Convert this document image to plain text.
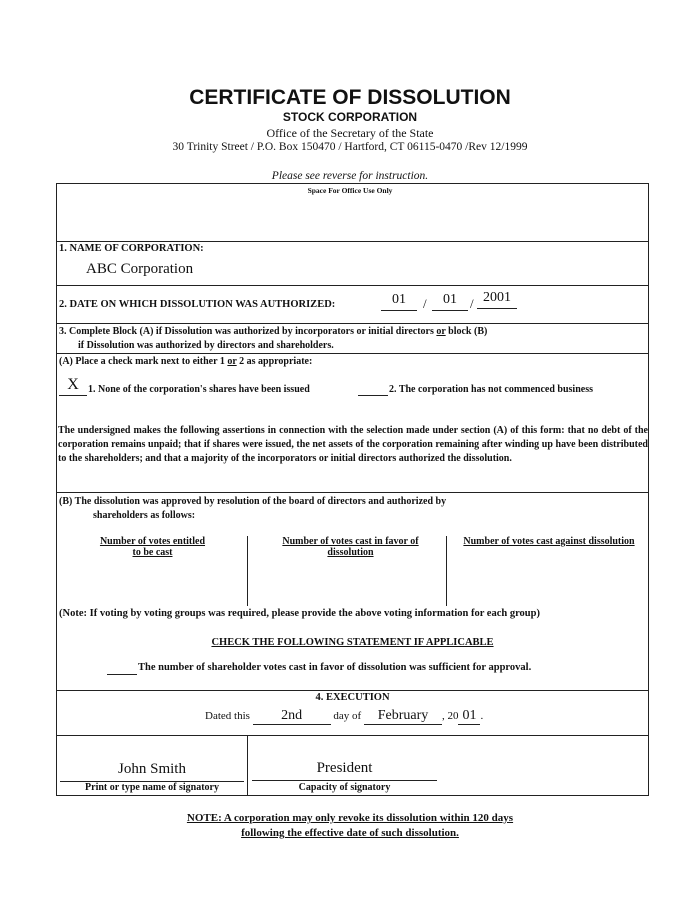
CERTIFICATE OF DISSOLUTION
STOCK CORPORATION
Office of the Secretary of the State
30 Trinity Street / P.O. Box 150470 / Hartford, CT 06115-0470 /Rev 12/1999
Please see reverse for instruction.
Space For Office Use Only
1. NAME OF CORPORATION:
ABC Corporation
2. DATE ON WHICH DISSOLUTION WAS AUTHORIZED:	01	/	01	/ 2001
3. Complete Block (A) if Dissolution was authorized by incorporators or initial directors or block (B)
if Dissolution was authorized by directors and shareholders.
(A) Place a check mark next to either 1 or 2 as appropriate:
X 1. None of the corporation's shares have been issued	2. The corporation has not commenced business
The undersigned makes the following assertions in connection with the selection made under section (A) of this form: that no debt of the corporation remains unpaid; that if shares were issued, the net assets of the corporation remaining after winding up have been distributed to the shareholders; and that a majority of the incorporators or initial directors authorized the dissolution.
(B) The dissolution was approved by resolution of the board of directors and authorized by
shareholders as follows:
Number of votes entitled
to be cast
Number of votes cast in favor of
dissolution
Number of votes cast against dissolution
(Note: If voting by voting groups was required, please provide the above voting information for each group)
CHECK THE FOLLOWING STATEMENT IF APPLICABLE
The number of shareholder votes cast in favor of dissolution was sufficient for approval.
4. EXECUTION
Dated this 2nd	day of February , 20 01 .
John Smith
Print or type name of signatory
President
Capacity of signatory
NOTE: A corporation may only revoke its dissolution within 120 days
following the effective date of such dissolution.
